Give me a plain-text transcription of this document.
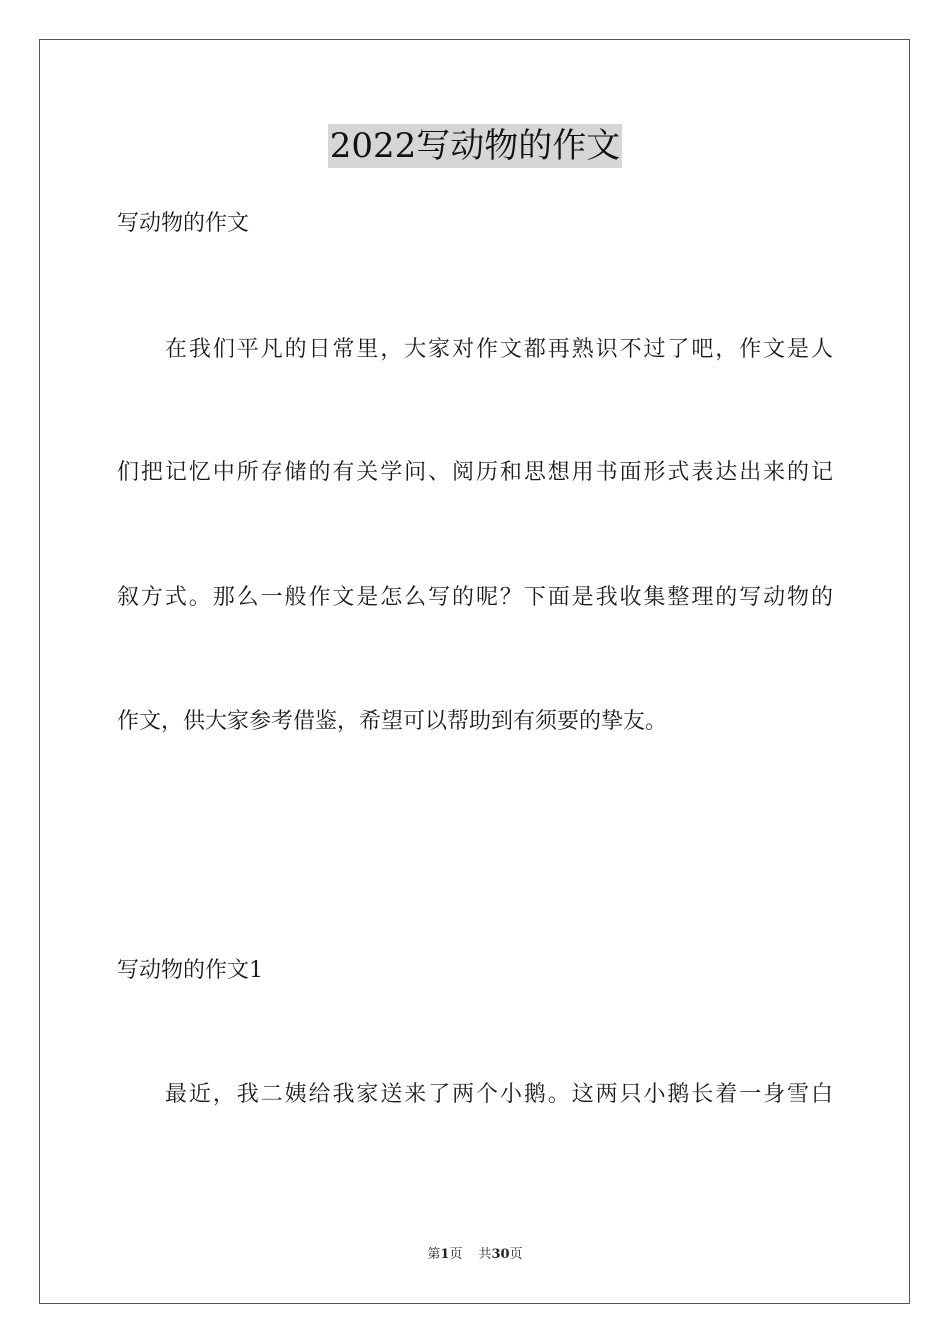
2022写动物的作文
写动物的作文
在我们平凡的日常里，大家对作文都再熟识不过了吧，作文是人
们把记忆中所存储的有关学问、阅历和思想用书面形式表达出来的记
叙方式。那么一般作文是怎么写的呢？下面是我收集整理的写动物的
作文，供大家参考借鉴，希望可以帮助到有须要的挚友。
写动物的作文1
最近，我二姨给我家送来了两个小鹅。这两只小鹅长着一身雪白
第1页 共30页
